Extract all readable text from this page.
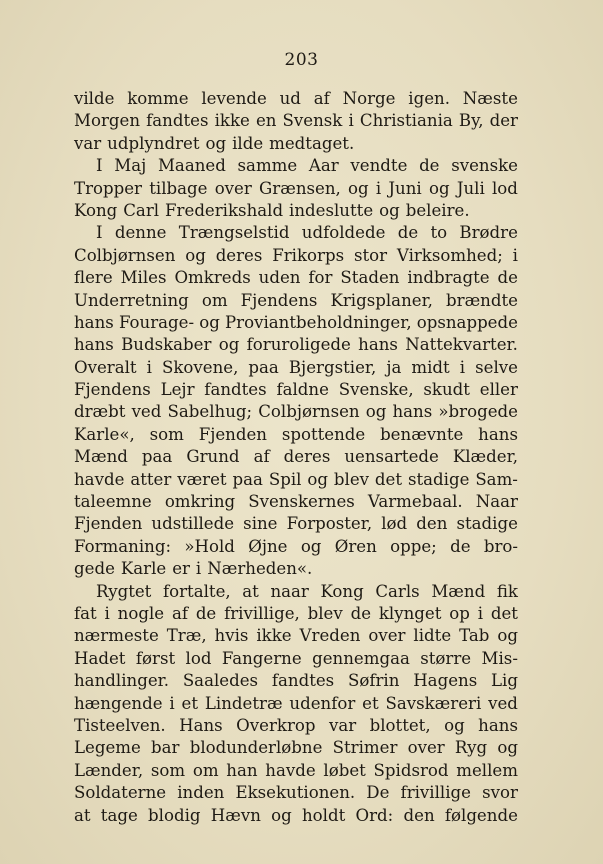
203
vilde komme levende ud af Norge igen. Næste
Morgen fandtes ikke en Svensk i Christiania By, der
var udplyndret og ilde medtaget.
I Maj Maaned samme Aar vendte de svenske
Tropper tilbage over Grænsen, og i Juni og Juli lod
Kong Carl Frederikshald indeslutte og beleire.
I denne Trængselstid udfoldede de to Brødre
Colbjørnsen og deres Frikorps stor Virksomhed; i
flere Miles Omkreds uden for Staden indbragte de
Underretning om Fjendens Krigsplaner, brændte
hans Fourage- og Proviantbeholdninger, opsnappede
hans Budskaber og foruroligede hans Nattekvarter.
Overalt i Skovene, paa Bjergstier, ja midt i selve
Fjendens Lejr fandtes faldne Svenske, skudt eller
dræbt ved Sabelhug; Colbjørnsen og hans »brogede
Karle«, som Fjenden spottende benævnte hans
Mænd paa Grund af deres uensartede Klæder,
havde atter været paa Spil og blev det stadige Sam-
taleemne omkring Svenskernes Varmebaal. Naar
Fjenden udstillede sine Forposter, lød den stadige
Formaning: »Hold Øjne og Øren oppe; de bro-
gede Karle er i Nærheden«.
Rygtet fortalte, at naar Kong Carls Mænd fik
fat i nogle af de frivillige, blev de klynget op i det
nærmeste Træ, hvis ikke Vreden over lidte Tab og
Hadet først lod Fangerne gennemgaa større Mis-
handlinger. Saaledes fandtes Søfrin Hagens Lig
hængende i et Lindetræ udenfor et Savskæreri ved
Tisteelven. Hans Overkrop var blottet, og hans
Legeme bar blodunderløbne Strimer over Ryg og
Lænder, som om han havde løbet Spidsrod mellem
Soldaterne inden Eksekutionen. De frivillige svor
at tage blodig Hævn og holdt Ord: den følgende
